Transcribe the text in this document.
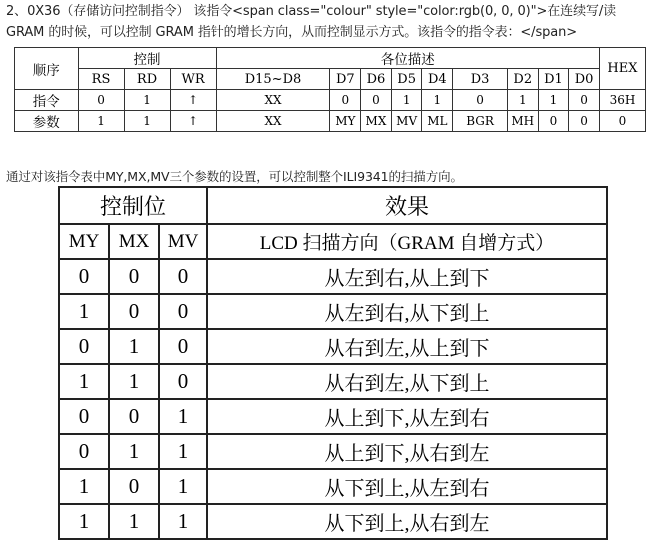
2、0X36（存储访问控制指令） 该指令<span class="colour" style="color:rgb(0, 0, 0)">在连续写/读
GRAM 的时候，可以控制 GRAM 指针的增长方向，从而控制显示方式。该指令的指令表：</span>
顺序	控制			各位描述									HEX
	RS	RD	WR	D15~D8	D7	D6	D5	D4	D3	D2	D1	D0	
指令	0	1	↑	XX	0	0	1	1	0	1	1	0	36H
参数	1	1	↑	XX	MY	MX	MV	ML	BGR	MH	0	0	0
通过对该指令表中MY,MX,MV三个参数的设置，可以控制整个ILI9341的扫描方向。
控制位			效果
MY	MX	MV	LCD 扫描方向（GRAM 自增方式）
0	0	0	从左到右,从上到下
1	0	0	从左到右,从下到上
0	1	0	从右到左,从上到下
1	1	0	从右到左,从下到上
0	0	1	从上到下,从左到右
0	1	1	从上到下,从右到左
1	0	1	从下到上,从左到右
1	1	1	从下到上,从右到左
